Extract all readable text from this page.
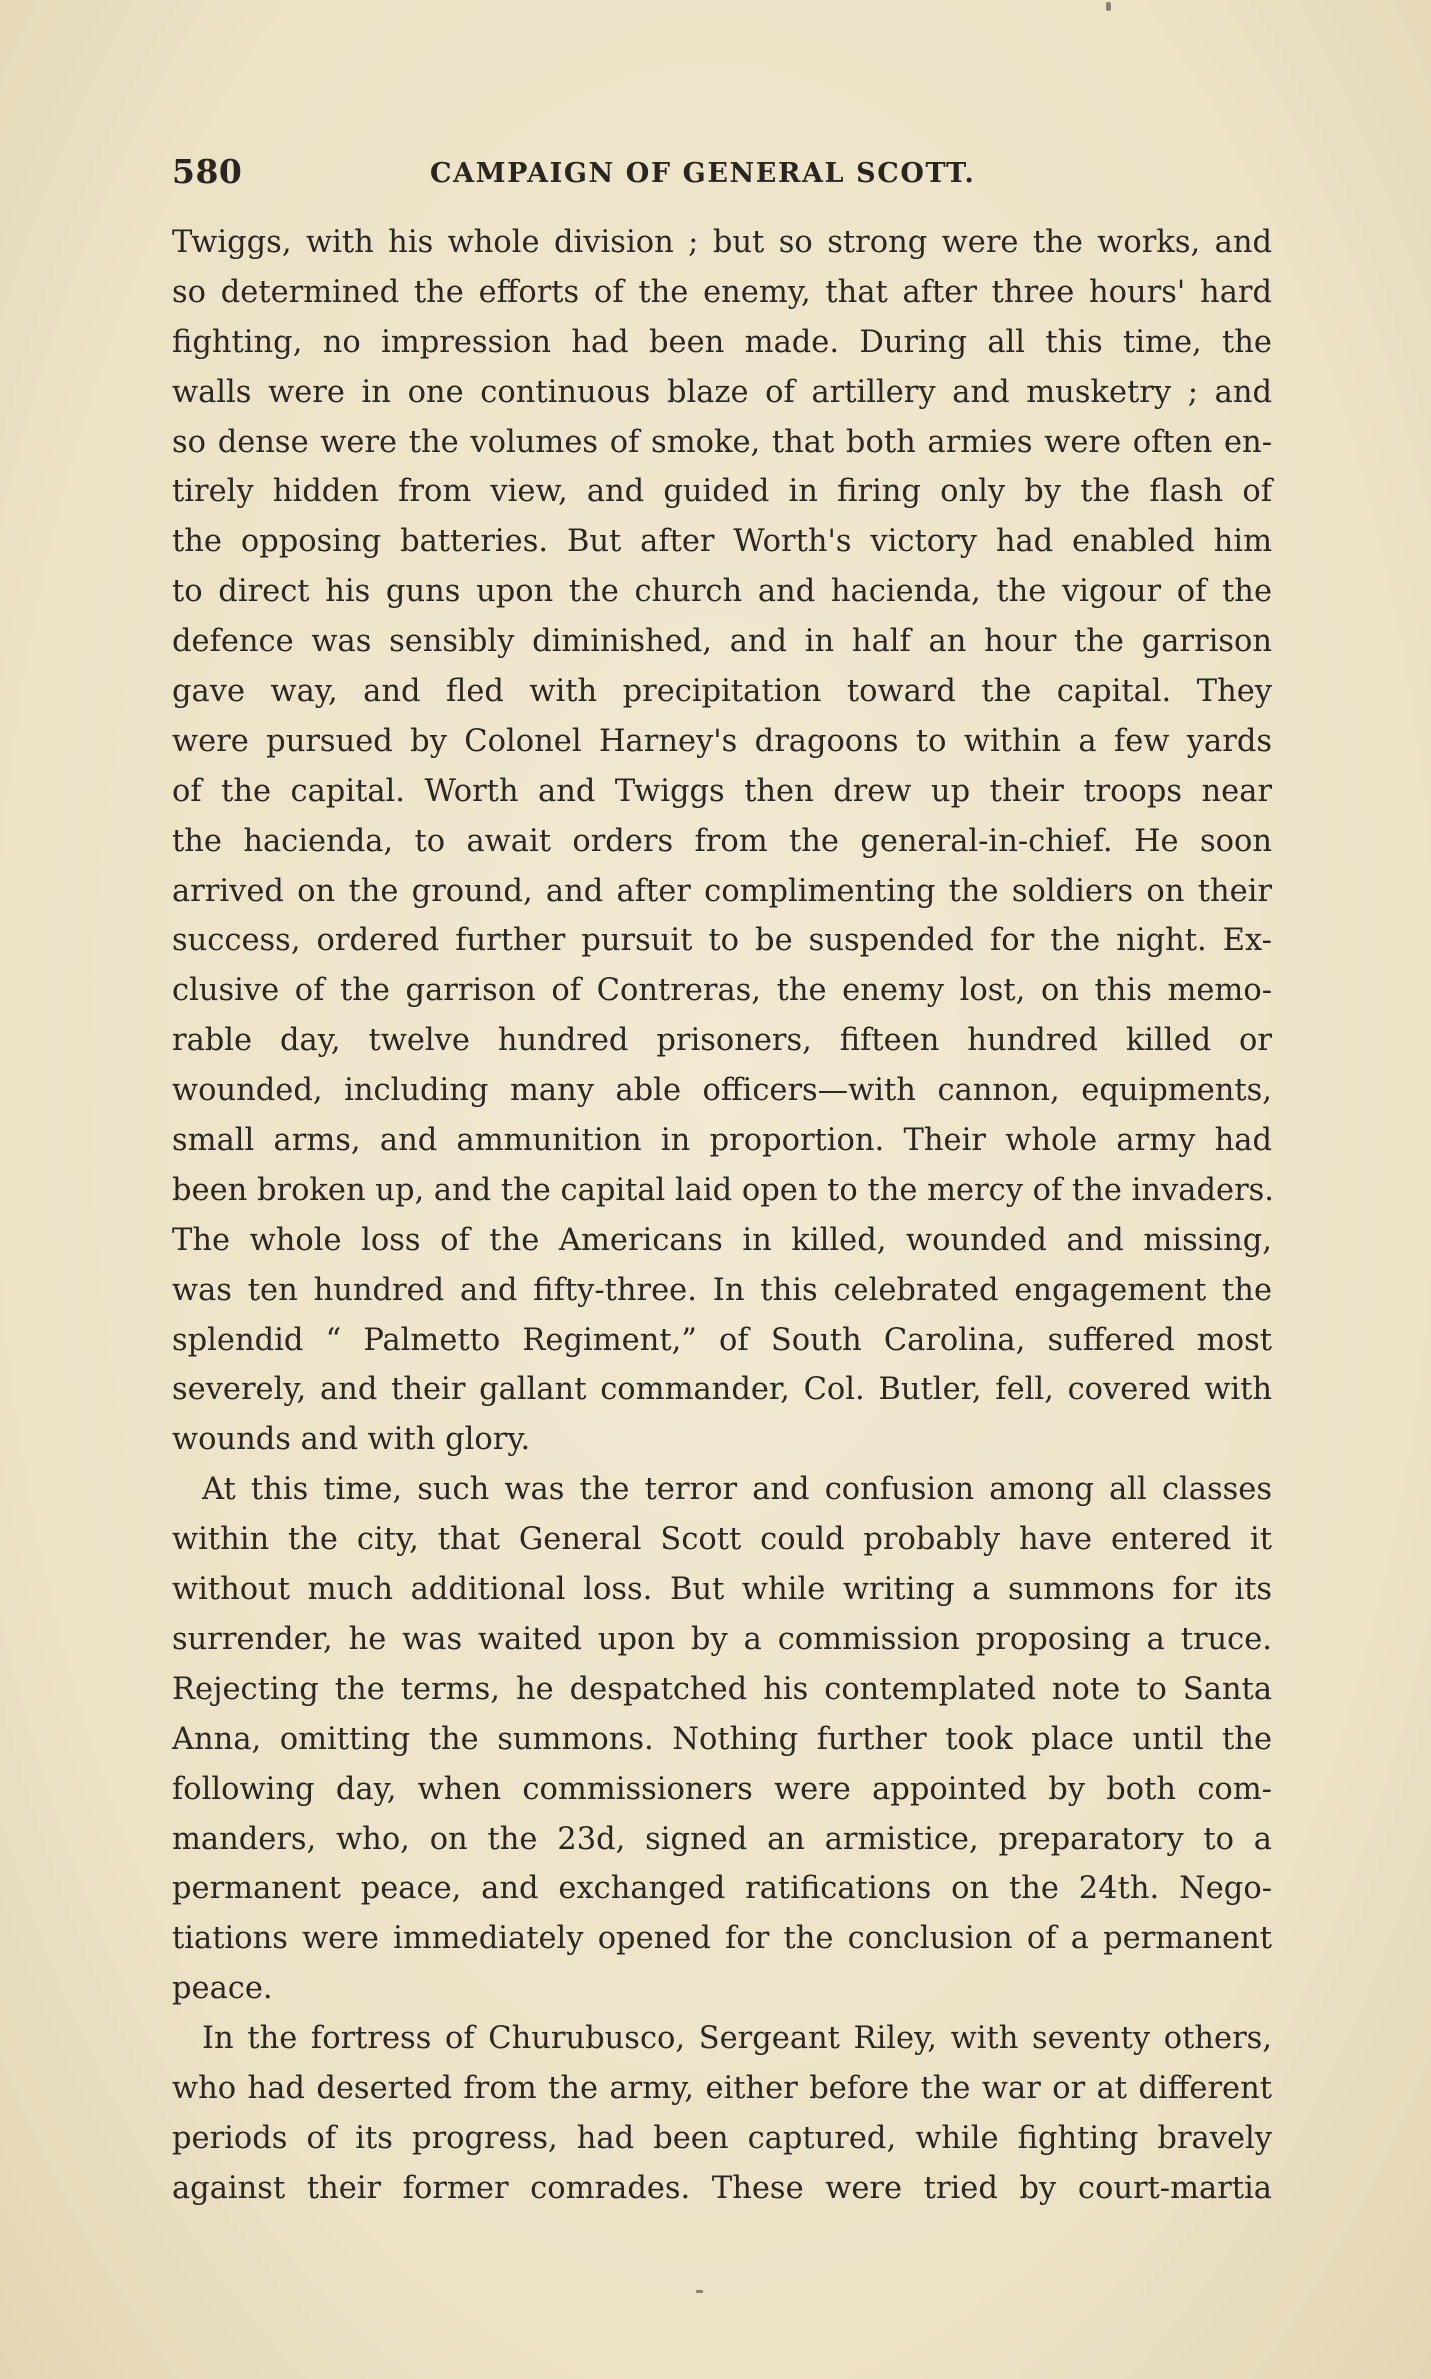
580	CAMPAIGN OF GENERAL SCOTT.
Twiggs, with his whole division ; but so strong were the works, and
so determined the efforts of the enemy, that after three hours' hard
fighting, no impression had been made. During all this time, the
walls were in one continuous blaze of artillery and musketry ; and
so dense were the volumes of smoke, that both armies were often en-
tirely hidden from view, and guided in firing only by the flash of
the opposing batteries. But after Worth's victory had enabled him
to direct his guns upon the church and hacienda, the vigour of the
defence was sensibly diminished, and in half an hour the garrison
gave way, and fled with precipitation toward the capital. They
were pursued by Colonel Harney's dragoons to within a few yards
of the capital. Worth and Twiggs then drew up their troops near
the hacienda, to await orders from the general-in-chief. He soon
arrived on the ground, and after complimenting the soldiers on their
success, ordered further pursuit to be suspended for the night. Ex-
clusive of the garrison of Contreras, the enemy lost, on this memo-
rable day, twelve hundred prisoners, fifteen hundred killed or
wounded, including many able officers—with cannon, equipments,
small arms, and ammunition in proportion. Their whole army had
been broken up, and the capital laid open to the mercy of the invaders.
The whole loss of the Americans in killed, wounded and missing,
was ten hundred and fifty-three. In this celebrated engagement the
splendid “ Palmetto Regiment,” of South Carolina, suffered most
severely, and their gallant commander, Col. Butler, fell, covered with
wounds and with glory.
At this time, such was the terror and confusion among all classes
within the city, that General Scott could probably have entered it
without much additional loss. But while writing a summons for its
surrender, he was waited upon by a commission proposing a truce.
Rejecting the terms, he despatched his contemplated note to Santa
Anna, omitting the summons. Nothing further took place until the
following day, when commissioners were appointed by both com-
manders, who, on the 23d, signed an armistice, preparatory to a
permanent peace, and exchanged ratifications on the 24th. Nego-
tiations were immediately opened for the conclusion of a permanent
peace.
In the fortress of Churubusco, Sergeant Riley, with seventy others,
who had deserted from the army, either before the war or at different
periods of its progress, had been captured, while fighting bravely
against their former comrades. These were tried by court-martia
